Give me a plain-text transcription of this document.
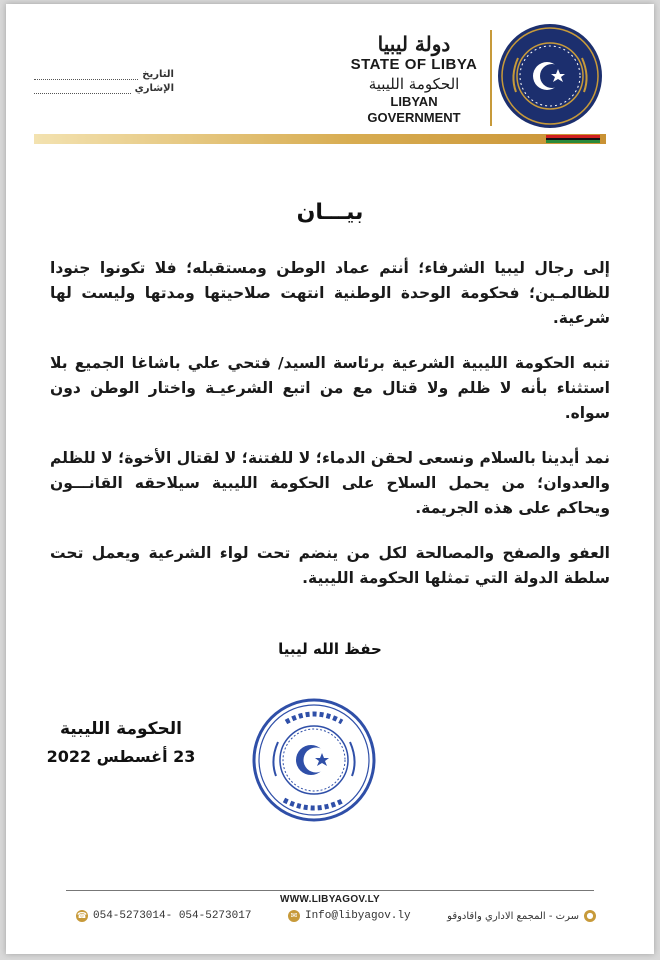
التاريخ
الإشاري
دولة ليبيا
STATE OF LIBYA
الحكومة الليبية
LIBYAN GOVERNMENT
بيـــان

إلى رجال ليبيا الشرفاء؛ أنتم عماد الوطن ومستقبله؛ فلا تكونوا جنودا للظالمـين؛ فحكومة الوحدة الوطنية انتهت صلاحيتها ومدتها وليست لها شرعية.

تنبه الحكومة الليبية الشرعية برئاسة السيد/ فتحي علي باشاغا الجميع بلا استثناء بأنه لا ظلم ولا قتال مع من اتبع الشرعيـة واختار الوطن دون سواه.

نمد أيدينا بالسلام ونسعى لحقن الدماء؛ لا للفتنة؛ لا لقتال الأخوة؛ لا للظلم والعدوان؛ من يحمل السلاح على الحكومة الليبية سيلاحقه القانـــون ويحاكم على هذه الجريمة.

العفو والصفح والمصالحة لكل من ينضم تحت لواء الشرعية ويعمل تحت سلطة الدولة التي تمثلها الحكومة الليبية.

حفظ الله ليبيا
الحكومة الليبية
23 أغسطس 2022
WWW.LIBYAGOV.LY
☎ 054-5273014- 054-5273017	✉ Info@libyagov.ly	سرت - المجمع الاداري واقادوقو ●
